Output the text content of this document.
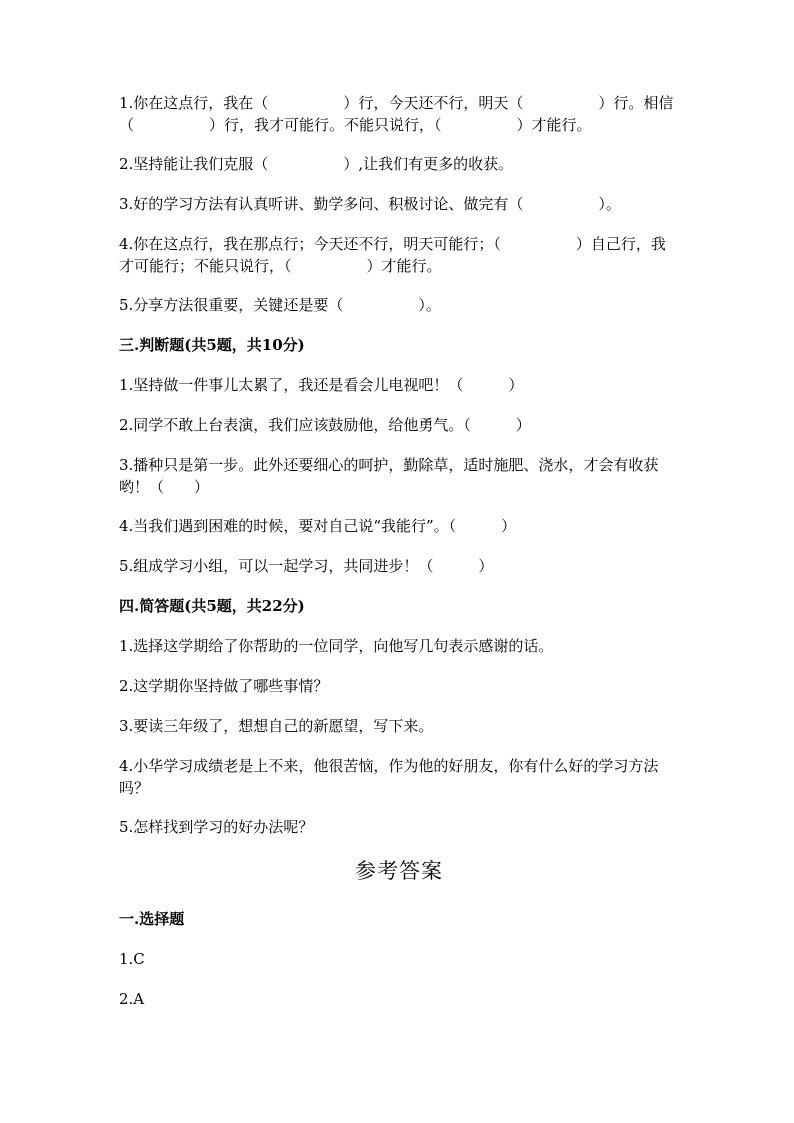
1.你在这点行，我在（　　　　　）行，今天还不行，明天（　　　　　）行。相信（　　　　　）行，我才可能行。不能只说行，（　　　　　）才能行。
2.坚持能让我们克服（　　　　　）,让我们有更多的收获。
3.好的学习方法有认真听讲、勤学多问、积极讨论、做完有（　　　　　）。
4.你在这点行，我在那点行；今天还不行，明天可能行；（　　　　　）自己行，我才可能行；不能只说行，（　　　　　）才能行。
5.分享方法很重要，关键还是要（　　　　　）。
三.判断题(共5题，共10分)
1.坚持做一件事儿太累了，我还是看会儿电视吧！（　　　）
2.同学不敢上台表演，我们应该鼓励他，给他勇气。（　　　）
3.播种只是第一步。此外还要细心的呵护，勤除草，适时施肥、浇水，才会有收获哟！（　　）
4.当我们遇到困难的时候，要对自己说“我能行”。（　　　）
5.组成学习小组，可以一起学习，共同进步！（　　　）
四.简答题(共5题，共22分)
1.选择这学期给了你帮助的一位同学，向他写几句表示感谢的话。
2.这学期你坚持做了哪些事情？
3.要读三年级了，想想自己的新愿望，写下来。
4.小华学习成绩老是上不来，他很苦恼，作为他的好朋友，你有什么好的学习方法吗？
5.怎样找到学习的好办法呢？
参考答案
一.选择题
1.C
2.A
